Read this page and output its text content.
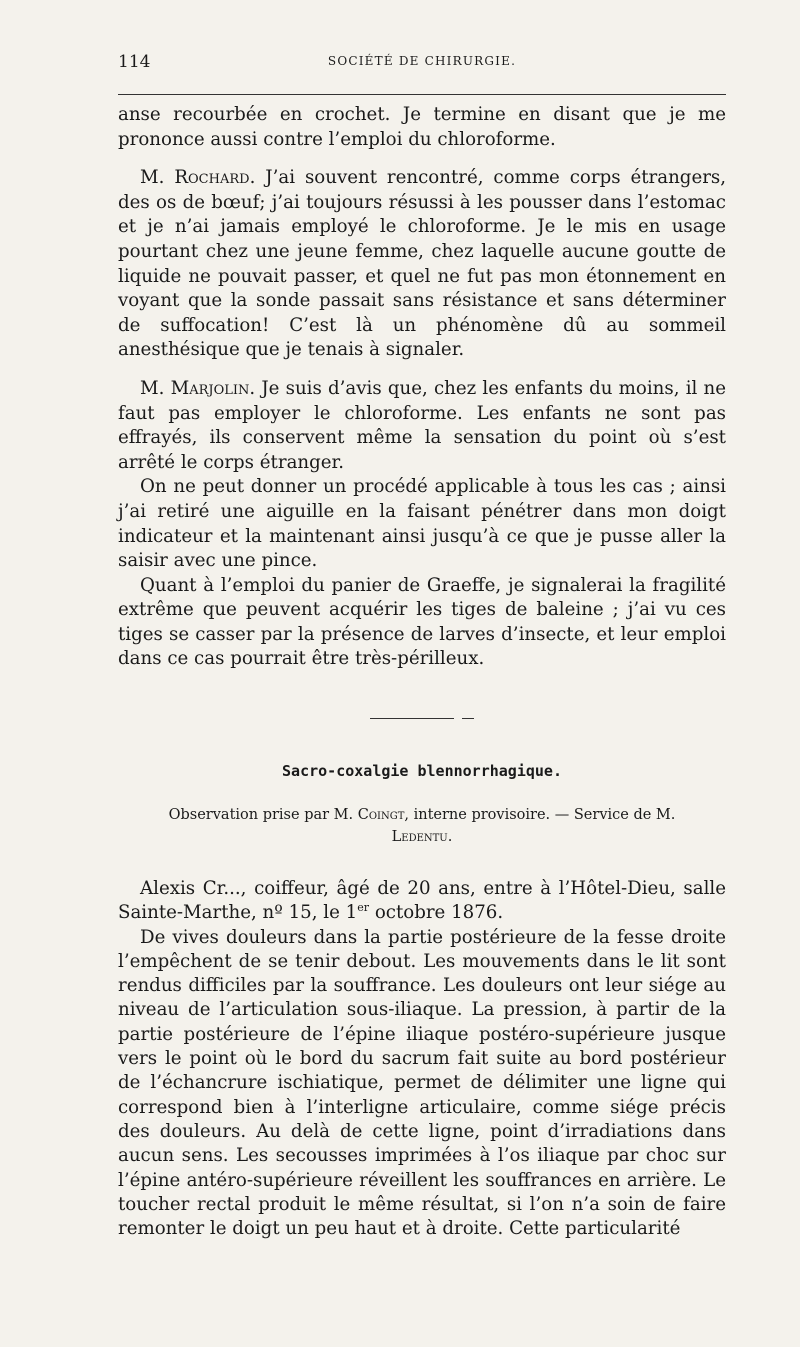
114	SOCIÉTÉ DE CHIRURGIE.

anse recourbée en crochet. Je termine en disant que je me prononce aussi contre l’emploi du chloroforme.

M. Rochard. J’ai souvent rencontré, comme corps étrangers, des os de bœuf; j’ai toujours résussi à les pousser dans l’estomac et je n’ai jamais employé le chloroforme. Je le mis en usage pourtant chez une jeune femme, chez laquelle aucune goutte de liquide ne pouvait passer, et quel ne fut pas mon étonnement en voyant que la sonde passait sans résistance et sans déterminer de suffocation! C’est là un phénomène dû au sommeil anesthésique que je tenais à signaler.

M. Marjolin. Je suis d’avis que, chez les enfants du moins, il ne faut pas employer le chloroforme. Les enfants ne sont pas effrayés, ils conservent même la sensation du point où s’est arrêté le corps étranger.

On ne peut donner un procédé applicable à tous les cas ; ainsi j’ai retiré une aiguille en la faisant pénétrer dans mon doigt indicateur et la maintenant ainsi jusqu’à ce que je pusse aller la saisir avec une pince.

Quant à l’emploi du panier de Graeffe, je signalerai la fragilité extrême que peuvent acquérir les tiges de baleine ; j’ai vu ces tiges se casser par la présence de larves d’insecte, et leur emploi dans ce cas pourrait être très-périlleux.

Sacro-coxalgie blennorrhagique.
Observation prise par M. Coingt, interne provisoire. — Service de M. Ledentu.

Alexis Cr..., coiffeur, âgé de 20 ans, entre à l’Hôtel-Dieu, salle Sainte-Marthe, nº 15, le 1er octobre 1876.

De vives douleurs dans la partie postérieure de la fesse droite l’empêchent de se tenir debout. Les mouvements dans le lit sont rendus difficiles par la souffrance. Les douleurs ont leur siége au niveau de l’articulation sous-iliaque. La pression, à partir de la partie postérieure de l’épine iliaque postéro-supérieure jusque vers le point où le bord du sacrum fait suite au bord postérieur de l’échancrure ischiatique, permet de délimiter une ligne qui correspond bien à l’interligne articulaire, comme siége précis des douleurs. Au delà de cette ligne, point d’irradiations dans aucun sens. Les secousses imprimées à l’os iliaque par choc sur l’épine antéro-supérieure réveillent les souffrances en arrière. Le toucher rectal produit le même résultat, si l’on n’a soin de faire remonter le doigt un peu haut et à droite. Cette particularité
